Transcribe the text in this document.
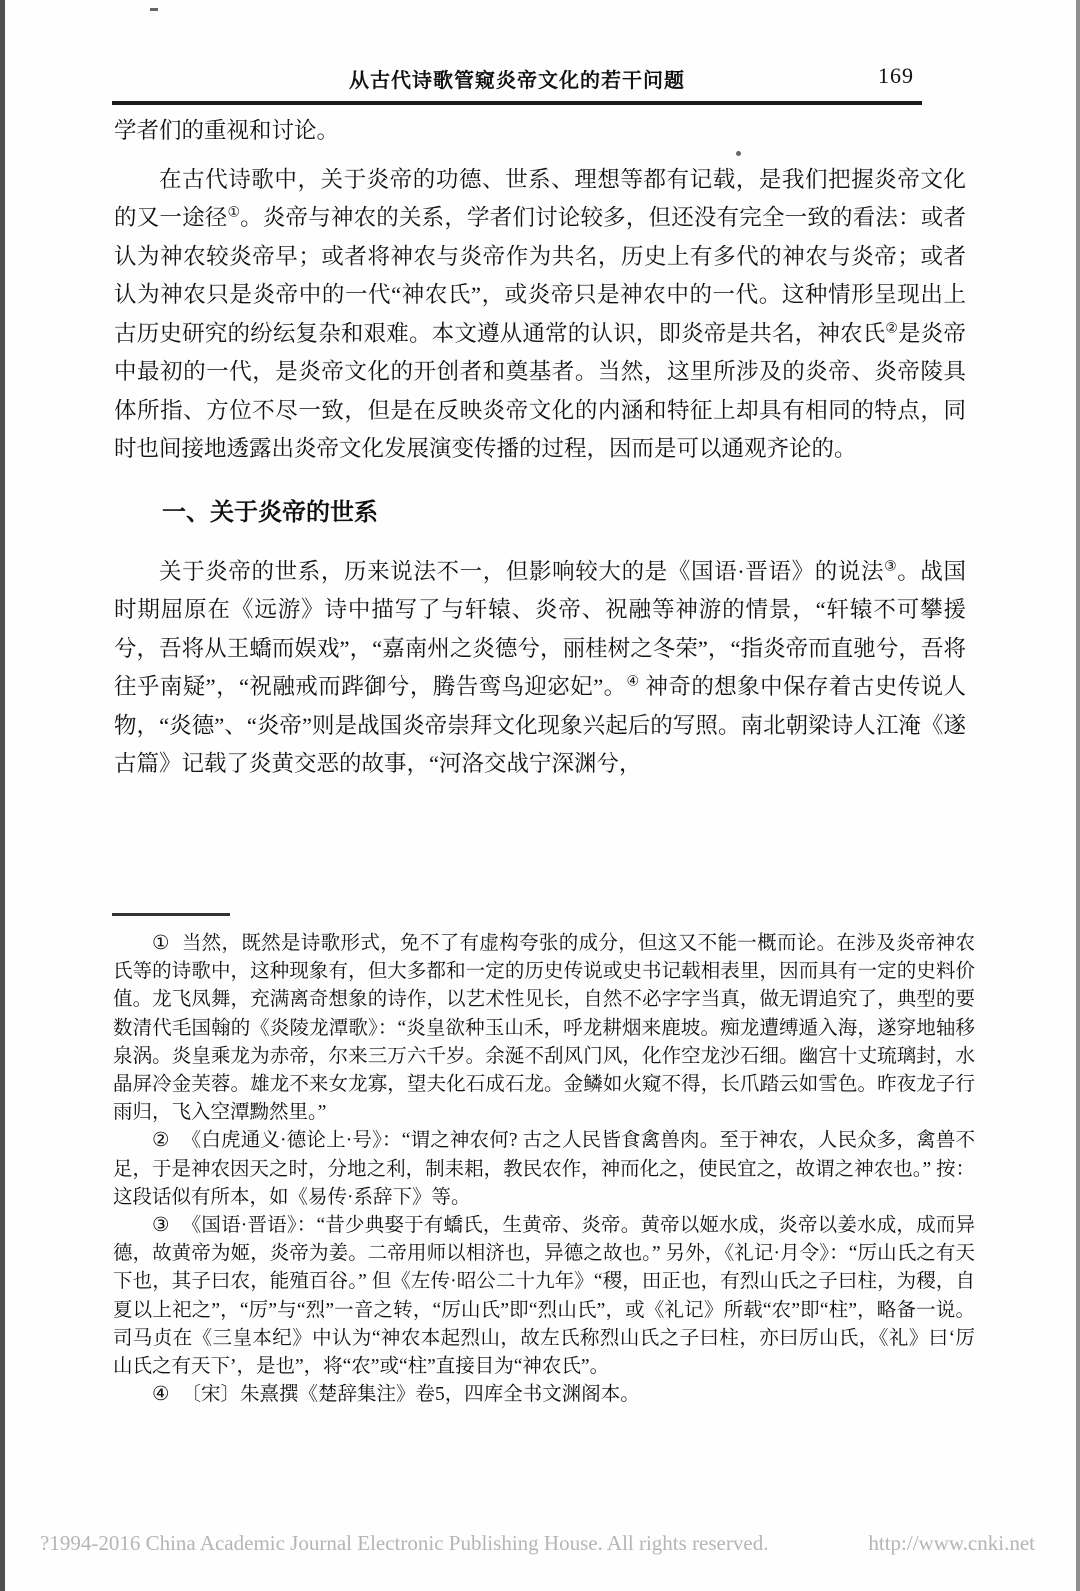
从古代诗歌管窥炎帝文化的若干问题	169

学者们的重视和讨论。

在古代诗歌中，关于炎帝的功德、世系、理想等都有记载，是我们把握炎帝文化的又一途径①。炎帝与神农的关系，学者们讨论较多，但还没有完全一致的看法：或者认为神农较炎帝早；或者将神农与炎帝作为共名，历史上有多代的神农与炎帝；或者认为神农只是炎帝中的一代“神农氏”，或炎帝只是神农中的一代。这种情形呈现出上古历史研究的纷纭复杂和艰难。本文遵从通常的认识，即炎帝是共名，神农氏②是炎帝中最初的一代，是炎帝文化的开创者和奠基者。当然，这里所涉及的炎帝、炎帝陵具体所指、方位不尽一致，但是在反映炎帝文化的内涵和特征上却具有相同的特点，同时也间接地透露出炎帝文化发展演变传播的过程，因而是可以通观齐论的。

一、关于炎帝的世系

关于炎帝的世系，历来说法不一，但影响较大的是《国语·晋语》的说法③。战国时期屈原在《远游》诗中描写了与轩辕、炎帝、祝融等神游的情景，“轩辕不可攀援兮，吾将从王蟜而娱戏”，“嘉南州之炎德兮，丽桂树之冬荣”，“指炎帝而直驰兮，吾将往乎南疑”，“祝融戒而跸御兮，腾告鸾鸟迎宓妃”。④ 神奇的想象中保存着古史传说人物，“炎德”、“炎帝”则是战国炎帝崇拜文化现象兴起后的写照。南北朝梁诗人江淹《遂古篇》记载了炎黄交恶的故事，“河洛交战宁深渊兮，

① 当然，既然是诗歌形式，免不了有虚构夸张的成分，但这又不能一概而论。在涉及炎帝神农氏等的诗歌中，这种现象有，但大多都和一定的历史传说或史书记载相表里，因而具有一定的史料价值。龙飞凤舞，充满离奇想象的诗作，以艺术性见长，自然不必字字当真，做无谓追究了，典型的要数清代毛国翰的《炎陵龙潭歌》：“炎皇欲种玉山禾，呼龙耕烟来鹿坡。痴龙遭缚遁入海，遂穿地轴移泉涡。炎皇乘龙为赤帝，尔来三万六千岁。余涎不刮风门风，化作空龙沙石细。幽宫十丈琉璃封，水晶屏冷金芙蓉。雄龙不来女龙寡，望夫化石成石龙。金鳞如火窥不得，长爪踏云如雪色。昨夜龙子行雨归，飞入空潭黝然里。”

② 《白虎通义·德论上·号》：“谓之神农何? 古之人民皆食禽兽肉。至于神农，人民众多，禽兽不足，于是神农因天之时，分地之利，制耒耜，教民农作，神而化之，使民宜之，故谓之神农也。” 按：这段话似有所本，如《易传·系辞下》等。

③ 《国语·晋语》：“昔少典娶于有蟜氏，生黄帝、炎帝。黄帝以姬水成，炎帝以姜水成，成而异德，故黄帝为姬，炎帝为姜。二帝用师以相济也，异德之故也。” 另外，《礼记·月令》：“厉山氏之有天下也，其子曰农，能殖百谷。” 但《左传·昭公二十九年》“稷，田正也，有烈山氏之子曰柱，为稷，自夏以上祀之”，“厉”与“烈”一音之转，“厉山氏”即“烈山氏”，或《礼记》所载“农”即“柱”，略备一说。司马贞在《三皇本纪》中认为“神农本起烈山，故左氏称烈山氏之子曰柱，亦曰厉山氏，《礼》曰‘厉山氏之有天下’，是也”，将“农”或“柱”直接目为“神农氏”。

④ 〔宋〕朱熹撰《楚辞集注》卷5，四库全书文渊阁本。

?1994-2016 China Academic Journal Electronic Publishing House. All rights reserved.	http://www.cnki.net
